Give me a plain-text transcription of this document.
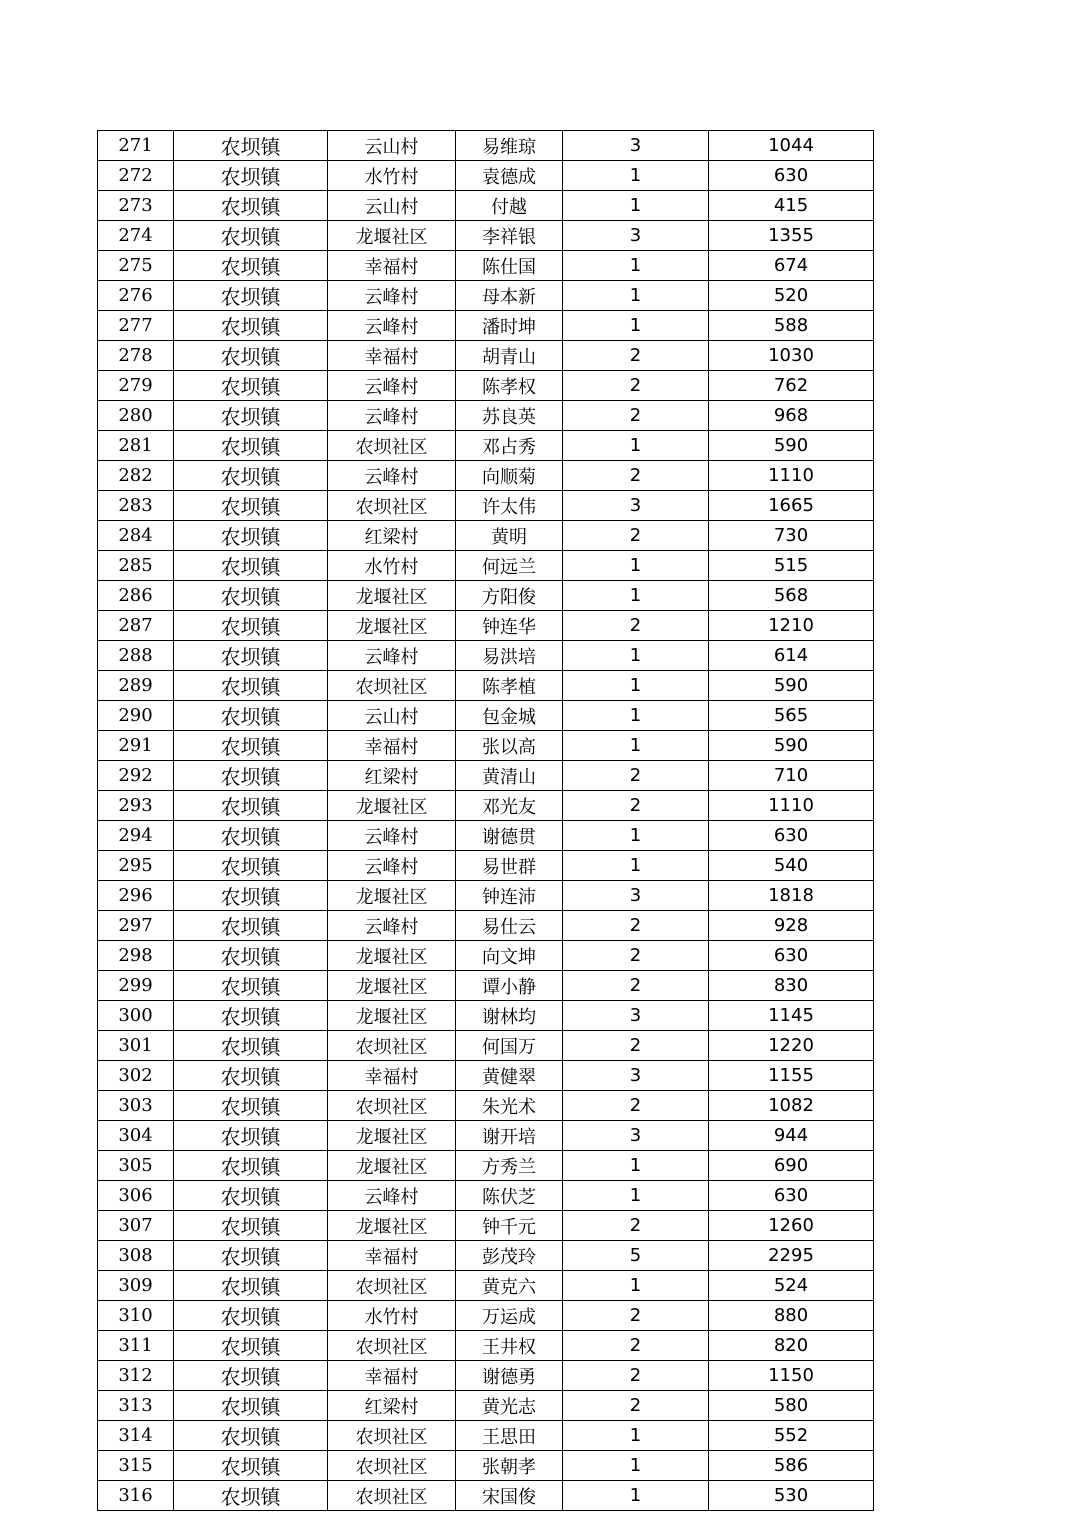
271	农坝镇	云山村	易维琼	3	1044
272	农坝镇	水竹村	袁德成	1	630
273	农坝镇	云山村	付越	1	415
274	农坝镇	龙堰社区	李祥银	3	1355
275	农坝镇	幸福村	陈仕国	1	674
276	农坝镇	云峰村	母本新	1	520
277	农坝镇	云峰村	潘时坤	1	588
278	农坝镇	幸福村	胡青山	2	1030
279	农坝镇	云峰村	陈孝权	2	762
280	农坝镇	云峰村	苏良英	2	968
281	农坝镇	农坝社区	邓占秀	1	590
282	农坝镇	云峰村	向顺菊	2	1110
283	农坝镇	农坝社区	许太伟	3	1665
284	农坝镇	红梁村	黄明	2	730
285	农坝镇	水竹村	何远兰	1	515
286	农坝镇	龙堰社区	方阳俊	1	568
287	农坝镇	龙堰社区	钟连华	2	1210
288	农坝镇	云峰村	易洪培	1	614
289	农坝镇	农坝社区	陈孝植	1	590
290	农坝镇	云山村	包金城	1	565
291	农坝镇	幸福村	张以高	1	590
292	农坝镇	红梁村	黄清山	2	710
293	农坝镇	龙堰社区	邓光友	2	1110
294	农坝镇	云峰村	谢德贯	1	630
295	农坝镇	云峰村	易世群	1	540
296	农坝镇	龙堰社区	钟连沛	3	1818
297	农坝镇	云峰村	易仕云	2	928
298	农坝镇	龙堰社区	向文坤	2	630
299	农坝镇	龙堰社区	谭小静	2	830
300	农坝镇	龙堰社区	谢林均	3	1145
301	农坝镇	农坝社区	何国万	2	1220
302	农坝镇	幸福村	黄健翠	3	1155
303	农坝镇	农坝社区	朱光术	2	1082
304	农坝镇	龙堰社区	谢开培	3	944
305	农坝镇	龙堰社区	方秀兰	1	690
306	农坝镇	云峰村	陈伏芝	1	630
307	农坝镇	龙堰社区	钟千元	2	1260
308	农坝镇	幸福村	彭茂玲	5	2295
309	农坝镇	农坝社区	黄克六	1	524
310	农坝镇	水竹村	万运成	2	880
311	农坝镇	农坝社区	王井权	2	820
312	农坝镇	幸福村	谢德勇	2	1150
313	农坝镇	红梁村	黄光志	2	580
314	农坝镇	农坝社区	王思田	1	552
315	农坝镇	农坝社区	张朝孝	1	586
316	农坝镇	农坝社区	宋国俊	1	530
